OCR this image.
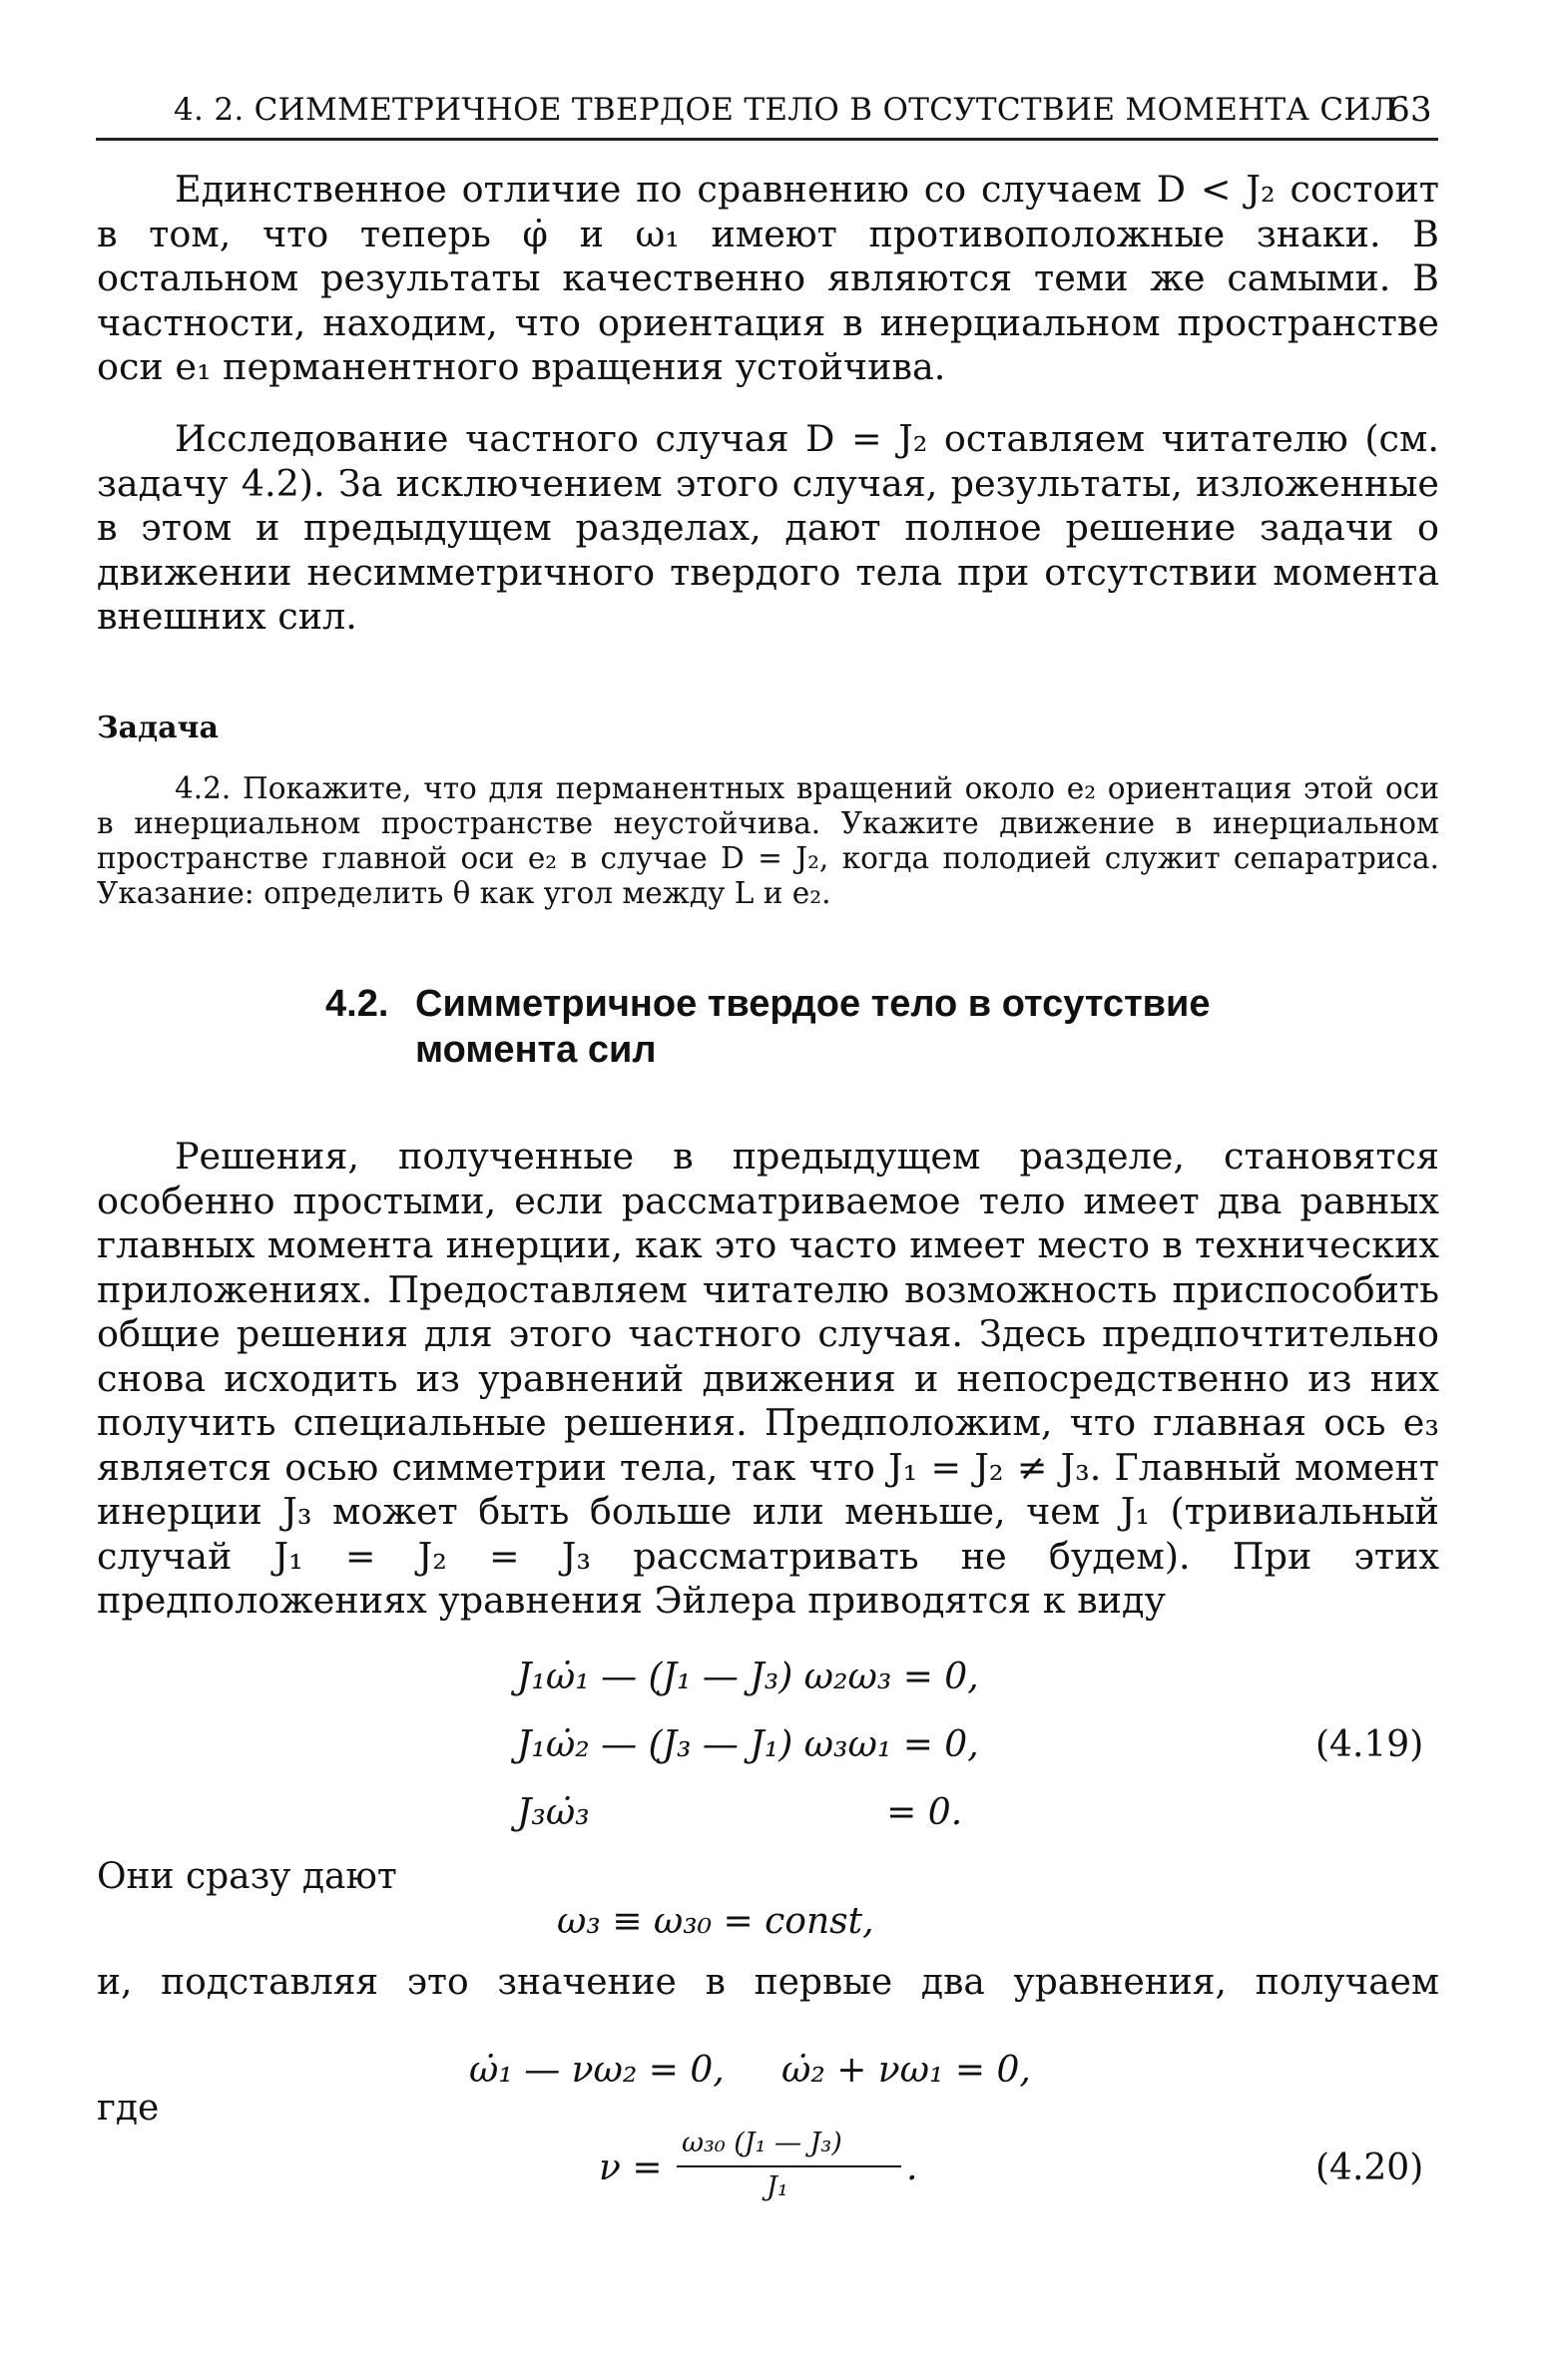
4. 2. СИММЕТРИЧНОЕ ТВЕРДОЕ ТЕЛО В ОТСУТСТВИЕ МОМЕНТА СИЛ
63

Единственное отличие по сравнению со случаем D < J₂ состоит в том, что теперь φ̇ и ω₁ имеют противоположные знаки. В остальном результаты качественно являются теми же самыми. В частности, находим, что ориентация в инерциальном пространстве оси e₁ перманентного вращения устойчива.

Исследование частного случая D = J₂ оставляем читателю (см. задачу 4.2). За исключением этого случая, результаты, изложенные в этом и предыдущем разделах, дают полное решение задачи о движении несимметричного твердого тела при отсутствии момента внешних сил.

Задача

4.2. Покажите, что для перманентных вращений около e₂ ориентация этой оси в инерциальном пространстве неустойчива. Укажите движение в инерциальном пространстве главной оси e₂ в случае D = J₂, когда полодией служит сепаратриса. Указание: определить θ как угол между L и e₂.

4.2. Симметричное твердое тело в отсутствие
момента сил

Решения, полученные в предыдущем разделе, становятся особенно простыми, если рассматриваемое тело имеет два равных главных момента инерции, как это часто имеет место в технических приложениях. Предоставляем читателю возможность приспособить общие решения для этого частного случая. Здесь предпочтительно снова исходить из уравнений движения и непосредственно из них получить специальные решения. Предположим, что главная ось e₃ является осью симметрии тела, так что J₁ = J₂ ≠ J₃. Главный момент инерции J₃ может быть больше или меньше, чем J₁ (тривиальный случай J₁ = J₂ = J₃ рассматривать не будем). При этих предположениях уравнения Эйлера приводятся к виду

J₁ω̇₁ — (J₁ — J₃) ω₂ω₃ = 0,
J₁ω̇₂ — (J₃ — J₁) ω₃ω₁ = 0,
J₃ω̇₃                          = 0.
(4.19)
Они сразу дают
ω₃ ≡ ω₃₀ = const,
и, подставляя это значение в первые два уравнения, получаем
ω̇₁ — νω₂ = 0,     ω̇₂ + νω₁ = 0,
где
ν =
ω₃₀ (J₁ — J₃)
J₁	.	(4.20)
